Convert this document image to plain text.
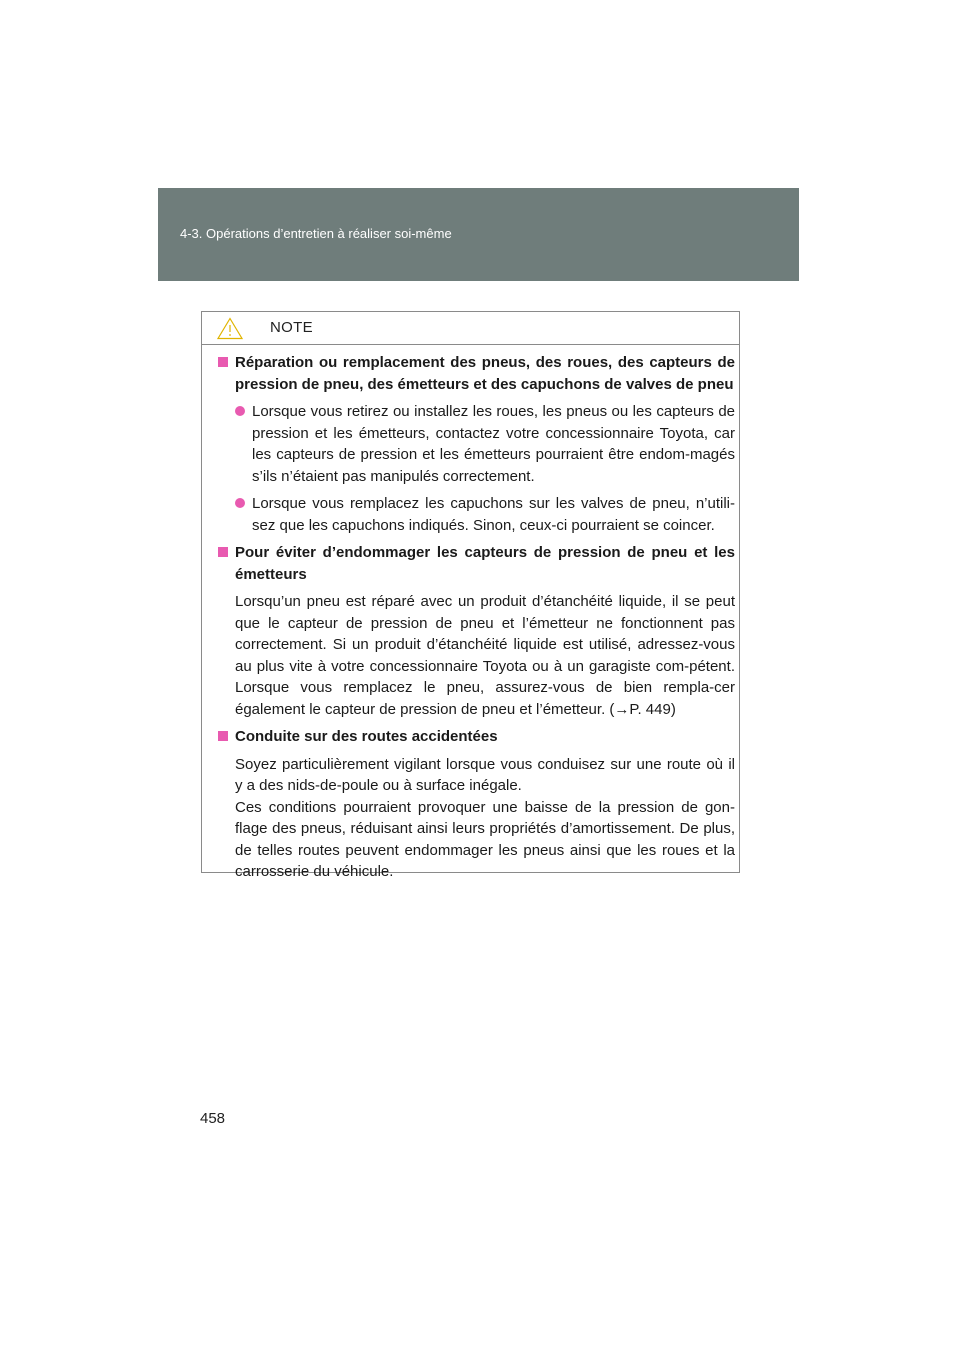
4-3. Opérations d’entretien à réaliser soi-même
NOTE
Réparation ou remplacement des pneus, des roues, des capteurs de pression de pneu, des émetteurs et des capuchons de valves de pneu
Lorsque vous retirez ou installez les roues, les pneus ou les capteurs de pression et les émetteurs, contactez votre concessionnaire Toyota, car les capteurs de pression et les émetteurs pourraient être endom-magés s’ils n’étaient pas manipulés correctement.
Lorsque vous remplacez les capuchons sur les valves de pneu, n’utili-sez que les capuchons indiqués. Sinon, ceux-ci pourraient se coincer.
Pour éviter d’endommager les capteurs de pression de pneu et les émetteurs
Lorsqu’un pneu est réparé avec un produit d’étanchéité liquide, il se peut que le capteur de pression de pneu et l’émetteur ne fonctionnent pas correctement. Si un produit d’étanchéité liquide est utilisé, adressez-vous au plus vite à votre concessionnaire Toyota ou à un garagiste com-pétent. Lorsque vous remplacez le pneu, assurez-vous de bien rempla-cer également le capteur de pression de pneu et l’émetteur. (→P. 449)
Conduite sur des routes accidentées
Soyez particulièrement vigilant lorsque vous conduisez sur une route où il y a des nids-de-poule ou à surface inégale.
Ces conditions pourraient provoquer une baisse de la pression de gon-flage des pneus, réduisant ainsi leurs propriétés d’amortissement. De plus, de telles routes peuvent endommager les pneus ainsi que les roues et la carrosserie du véhicule.
458
